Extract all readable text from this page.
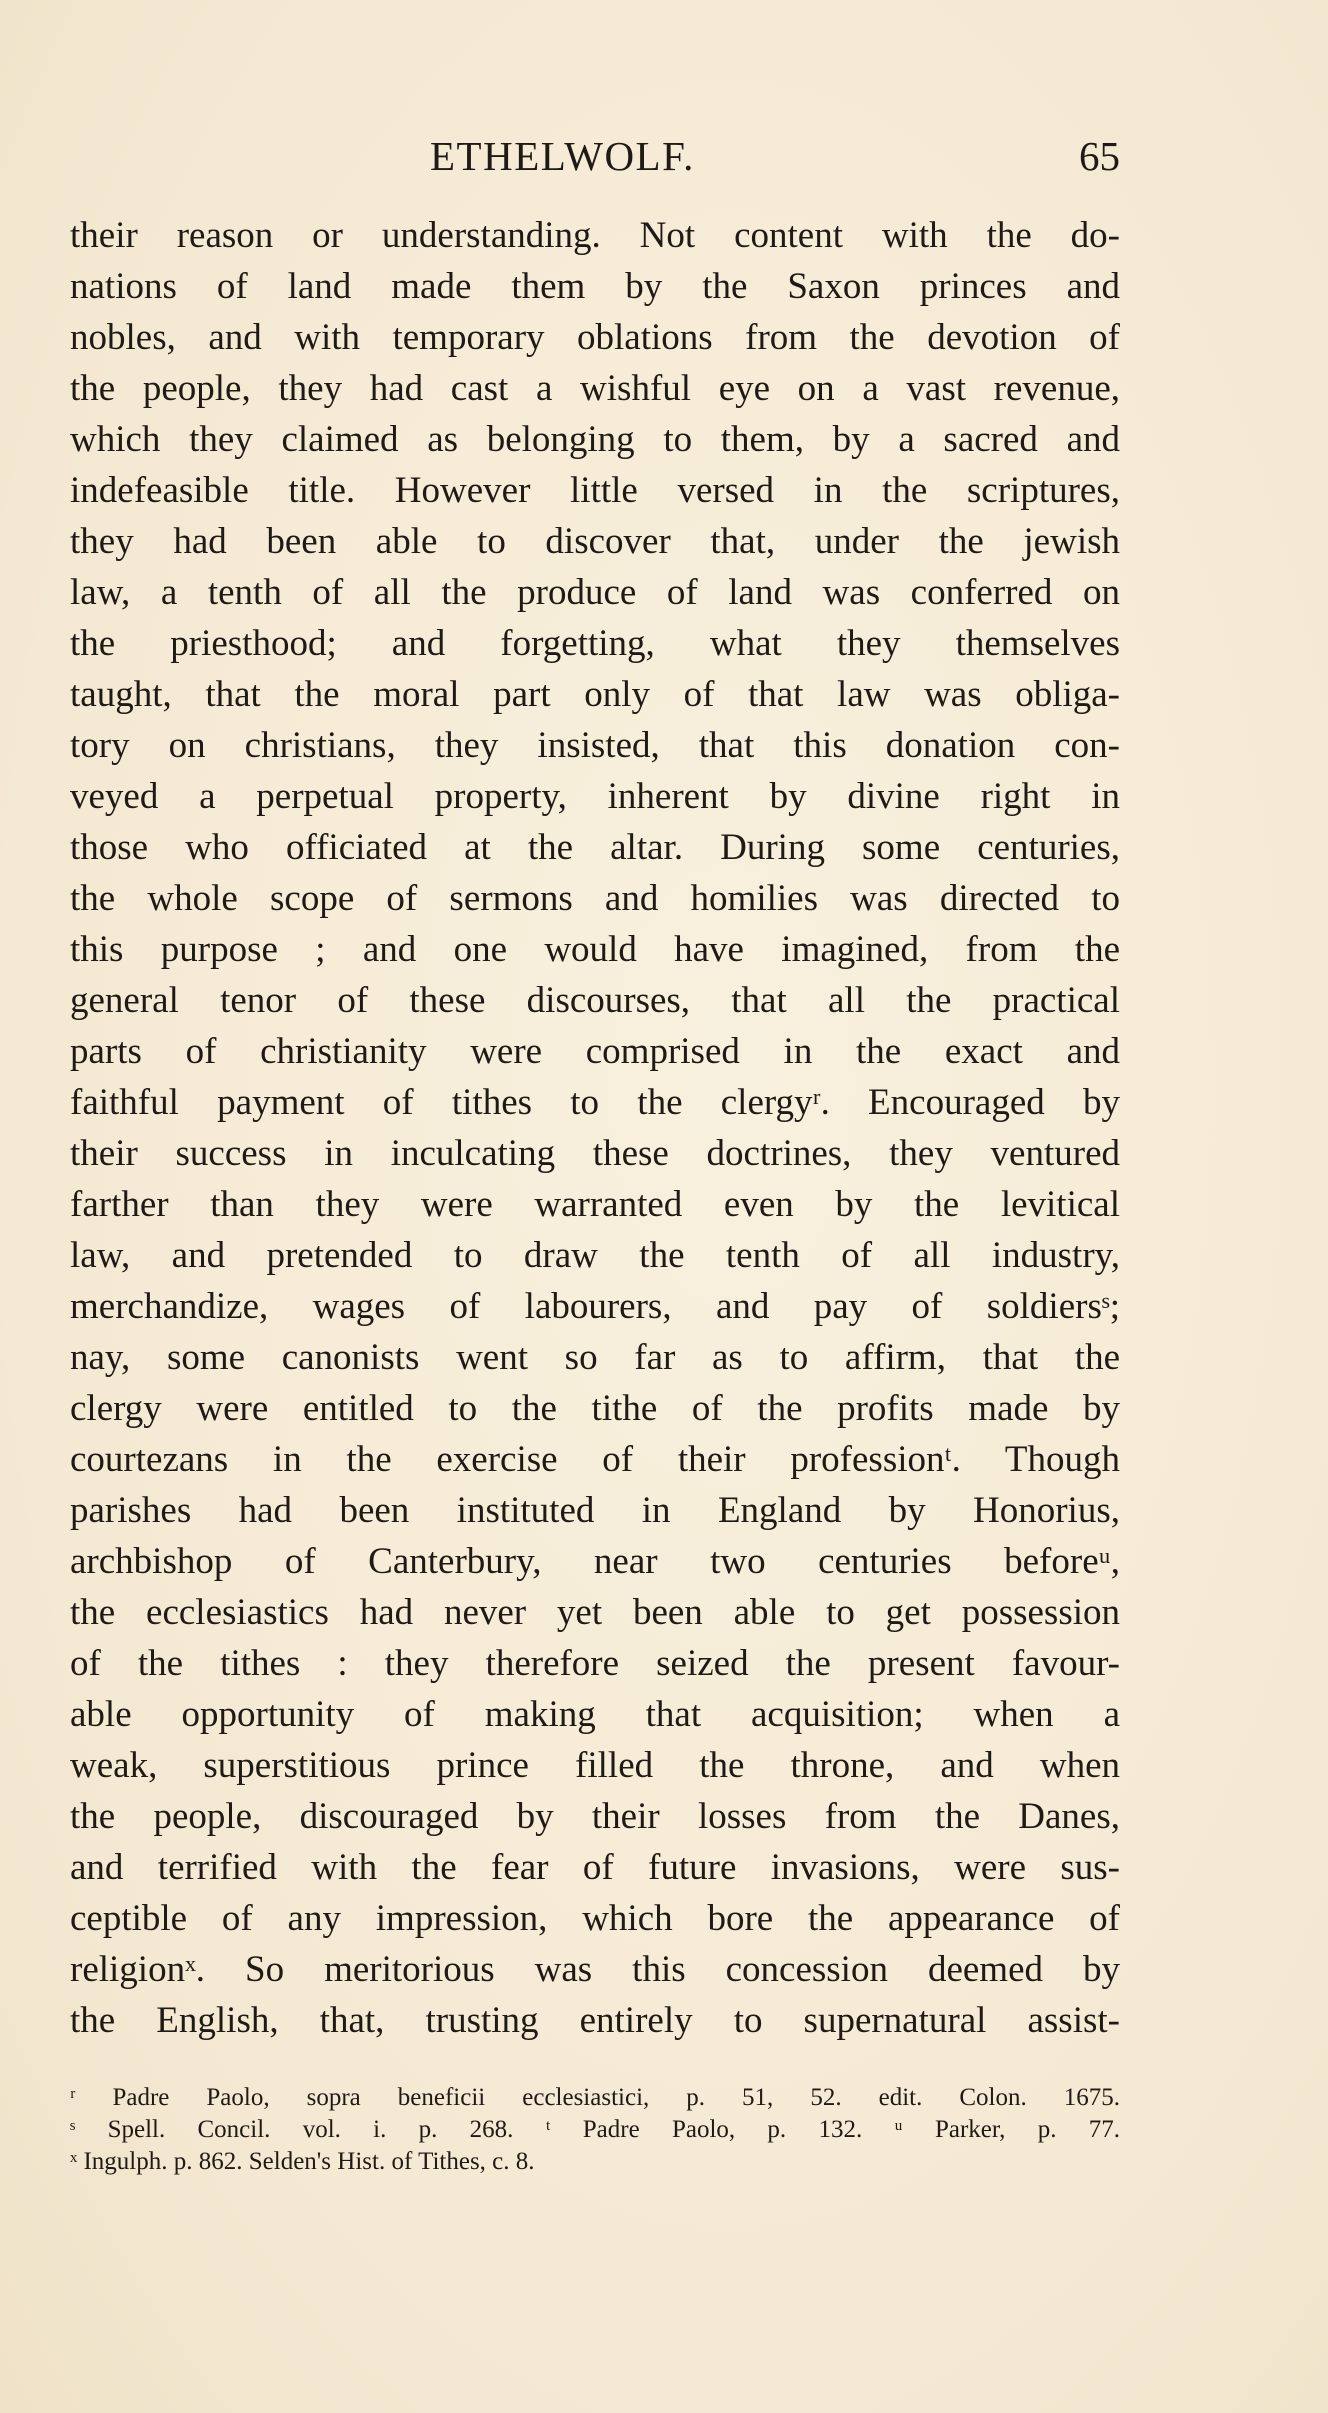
ETHELWOLF.	65
their reason or understanding. Not content with the do-
nations of land made them by the Saxon princes and
nobles, and with temporary oblations from the devotion of
the people, they had cast a wishful eye on a vast revenue,
which they claimed as belonging to them, by a sacred and
indefeasible title. However little versed in the scriptures,
they had been able to discover that, under the jewish
law, a tenth of all the produce of land was conferred on
the priesthood; and forgetting, what they themselves
taught, that the moral part only of that law was obliga-
tory on christians, they insisted, that this donation con-
veyed a perpetual property, inherent by divine right in
those who officiated at the altar. During some centuries,
the whole scope of sermons and homilies was directed to
this purpose ; and one would have imagined, from the
general tenor of these discourses, that all the practical
parts of christianity were comprised in the exact and
faithful payment of tithes to the clergyʳ. Encouraged by
their success in inculcating these doctrines, they ventured
farther than they were warranted even by the levitical
law, and pretended to draw the tenth of all industry,
merchandize, wages of labourers, and pay of soldiersˢ;
nay, some canonists went so far as to affirm, that the
clergy were entitled to the tithe of the profits made by
courtezans in the exercise of their professionᵗ. Though
parishes had been instituted in England by Honorius,
archbishop of Canterbury, near two centuries beforeᵘ,
the ecclesiastics had never yet been able to get possession
of the tithes : they therefore seized the present favour-
able opportunity of making that acquisition; when a
weak, superstitious prince filled the throne, and when
the people, discouraged by their losses from the Danes,
and terrified with the fear of future invasions, were sus-
ceptible of any impression, which bore the appearance of
religionˣ. So meritorious was this concession deemed by
the English, that, trusting entirely to supernatural assist-
ʳ Padre Paolo, sopra beneficii ecclesiastici, p. 51, 52. edit. Colon. 1675.
ˢ Spell. Concil. vol. i. p. 268. ᵗ Padre Paolo, p. 132. ᵘ Parker, p. 77.
ˣ Ingulph. p. 862. Selden's Hist. of Tithes, c. 8.
